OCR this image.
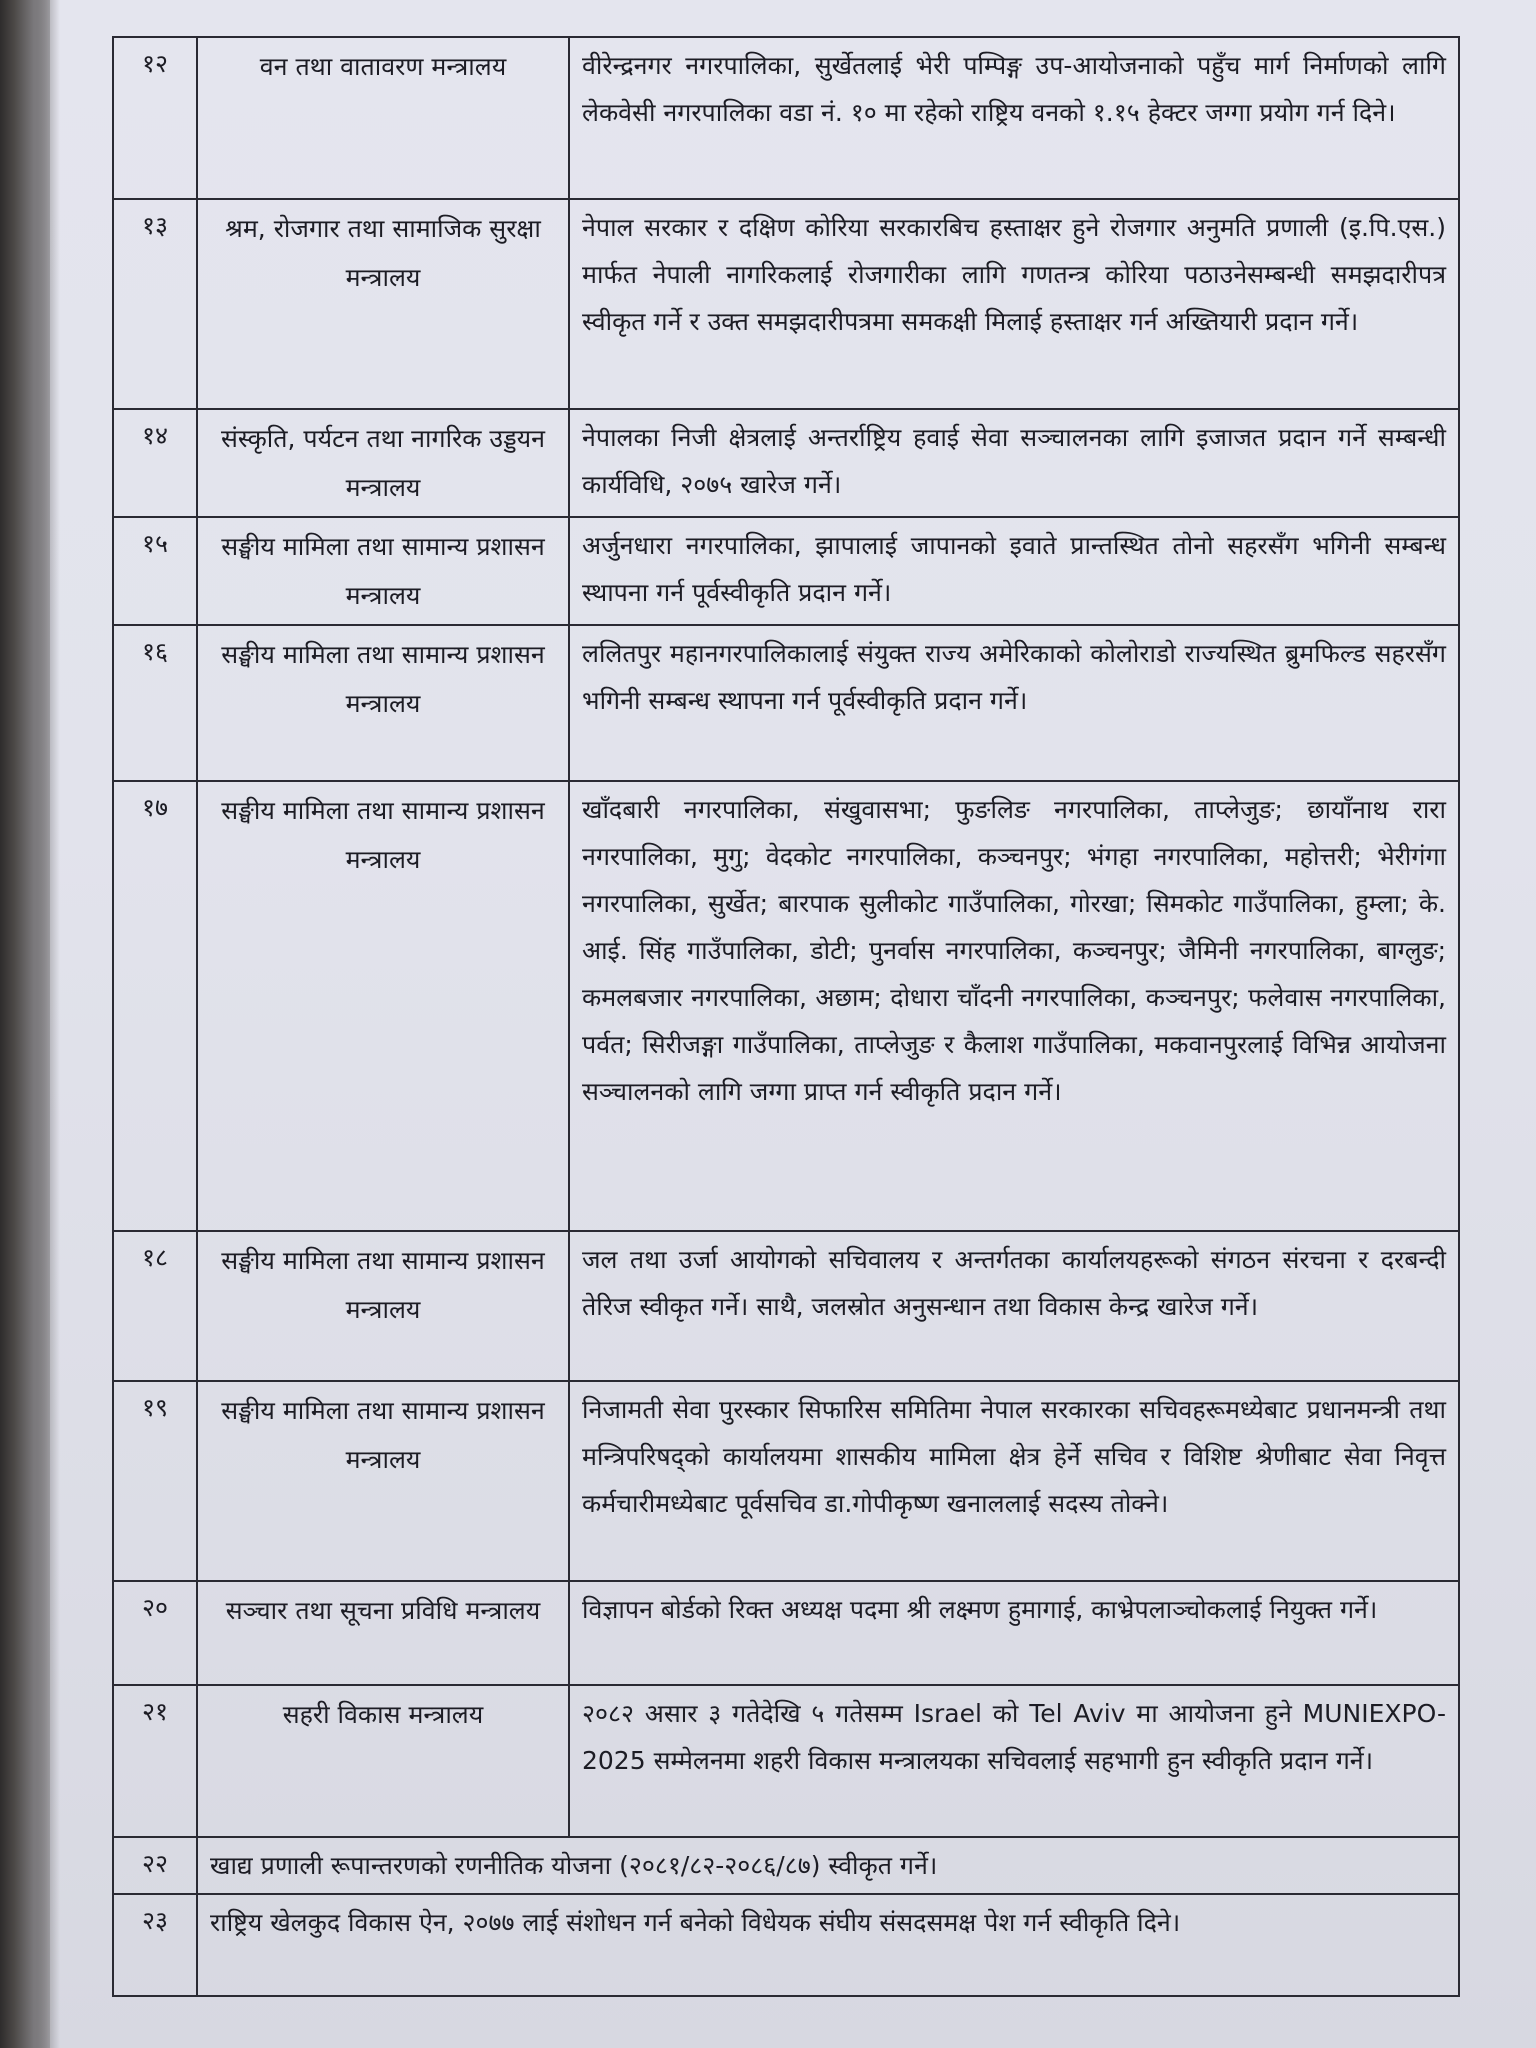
१२	वन तथा वातावरण मन्त्रालय	वीरेन्द्रनगर नगरपालिका, सुर्खेतलाई भेरी पम्पिङ्ग उप-आयोजनाको पहुँच मार्ग निर्माणको लागि लेकवेसी नगरपालिका वडा नं. १० मा रहेको राष्ट्रिय वनको १.१५ हेक्टर जग्गा प्रयोग गर्न दिने।
१३	श्रम, रोजगार तथा सामाजिक सुरक्षा मन्त्रालय	नेपाल सरकार र दक्षिण कोरिया सरकारबिच हस्ताक्षर हुने रोजगार अनुमति प्रणाली (इ.पि.एस.) मार्फत नेपाली नागरिकलाई रोजगारीका लागि गणतन्त्र कोरिया पठाउनेसम्बन्धी समझदारीपत्र स्वीकृत गर्ने र उक्त समझदारीपत्रमा समकक्षी मिलाई हस्ताक्षर गर्न अख्तियारी प्रदान गर्ने।
१४	संस्कृति, पर्यटन तथा नागरिक उड्डयन मन्त्रालय	नेपालका निजी क्षेत्रलाई अन्तर्राष्ट्रिय हवाई सेवा सञ्चालनका लागि इजाजत प्रदान गर्ने सम्बन्धी कार्यविधि, २०७५ खारेज गर्ने।
१५	सङ्घीय मामिला तथा सामान्य प्रशासन मन्त्रालय	अर्जुनधारा नगरपालिका, झापालाई जापानको इवाते प्रान्तस्थित तोनो सहरसँग भगिनी सम्बन्ध स्थापना गर्न पूर्वस्वीकृति प्रदान गर्ने।
१६	सङ्घीय मामिला तथा सामान्य प्रशासन मन्त्रालय	ललितपुर महानगरपालिकालाई संयुक्त राज्य अमेरिकाको कोलोराडो राज्यस्थित ब्रुमफिल्ड सहरसँग भगिनी सम्बन्ध स्थापना गर्न पूर्वस्वीकृति प्रदान गर्ने।
१७	सङ्घीय मामिला तथा सामान्य प्रशासन मन्त्रालय	खाँदबारी नगरपालिका, संखुवासभा; फुङलिङ नगरपालिका, ताप्लेजुङ; छायाँनाथ रारा नगरपालिका, मुगु; वेदकोट नगरपालिका, कञ्चनपुर; भंगहा नगरपालिका, महोत्तरी; भेरीगंगा नगरपालिका, सुर्खेत; बारपाक सुलीकोट गाउँपालिका, गोरखा; सिमकोट गाउँपालिका, हुम्ला; के. आई. सिंह गाउँपालिका, डोटी; पुनर्वास नगरपालिका, कञ्चनपुर; जैमिनी नगरपालिका, बाग्लुङ; कमलबजार नगरपालिका, अछाम; दोधारा चाँदनी नगरपालिका, कञ्चनपुर; फलेवास नगरपालिका, पर्वत; सिरीजङ्गा गाउँपालिका, ताप्लेजुङ र कैलाश गाउँपालिका, मकवानपुरलाई विभिन्न आयोजना सञ्चालनको लागि जग्गा प्राप्त गर्न स्वीकृति प्रदान गर्ने।
१८	सङ्घीय मामिला तथा सामान्य प्रशासन मन्त्रालय	जल तथा उर्जा आयोगको सचिवालय र अन्तर्गतका कार्यालयहरूको संगठन संरचना र दरबन्दी तेरिज स्वीकृत गर्ने। साथै, जलस्रोत अनुसन्धान तथा विकास केन्द्र खारेज गर्ने।
१९	सङ्घीय मामिला तथा सामान्य प्रशासन मन्त्रालय	निजामती सेवा पुरस्कार सिफारिस समितिमा नेपाल सरकारका सचिवहरूमध्येबाट प्रधानमन्त्री तथा मन्त्रिपरिषद्को कार्यालयमा शासकीय मामिला क्षेत्र हेर्ने सचिव र विशिष्ट श्रेणीबाट सेवा निवृत्त कर्मचारीमध्येबाट पूर्वसचिव डा.गोपीकृष्ण खनाललाई सदस्य तोक्ने।
२०	सञ्चार तथा सूचना प्रविधि मन्त्रालय	विज्ञापन बोर्डको रिक्त अध्यक्ष पदमा श्री लक्ष्मण हुमागाई, काभ्रेपलाञ्चोकलाई नियुक्त गर्ने।
२१	सहरी विकास मन्त्रालय	२०८२ असार ३ गतेदेखि ५ गतेसम्म Israel को Tel Aviv मा आयोजना हुने MUNIEXPO-2025 सम्मेलनमा शहरी विकास मन्त्रालयका सचिवलाई सहभागी हुन स्वीकृति प्रदान गर्ने।
२२	खाद्य प्रणाली रूपान्तरणको रणनीतिक योजना (२०८१/८२-२०८६/८७) स्वीकृत गर्ने।	
२३	राष्ट्रिय खेलकुद विकास ऐन, २०७७ लाई संशोधन गर्न बनेको विधेयक संघीय संसदसमक्ष पेश गर्न स्वीकृति दिने।	
